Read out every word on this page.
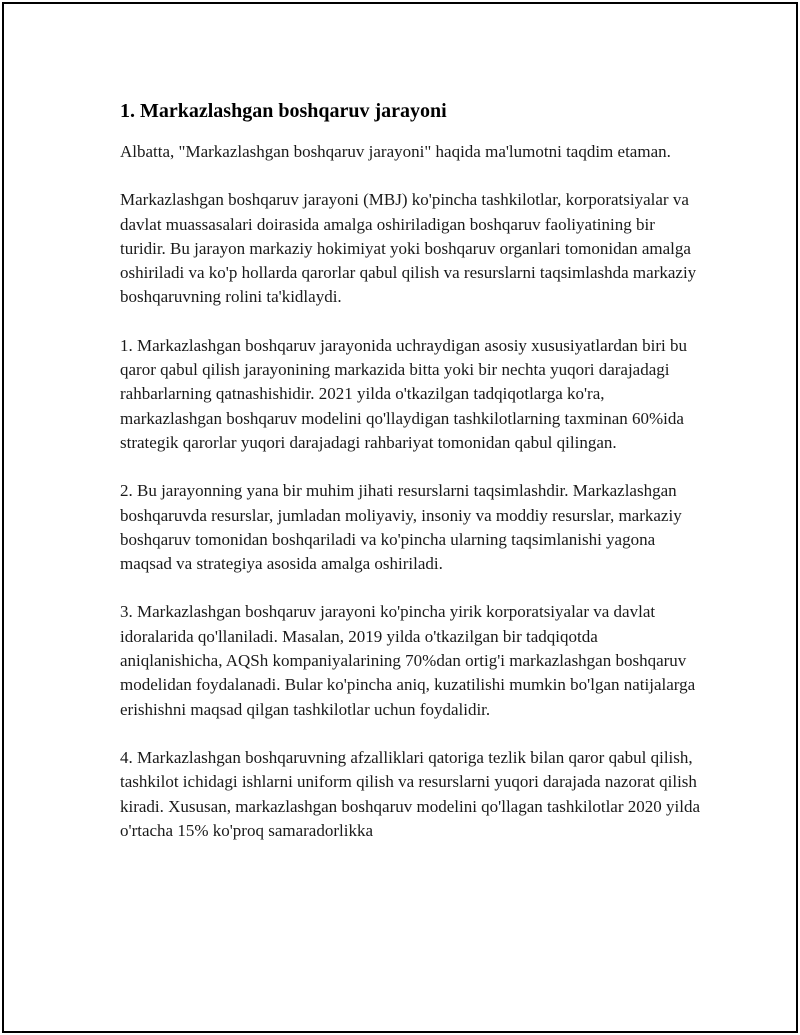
1. Markazlashgan boshqaruv jarayoni

Albatta, "Markazlashgan boshqaruv jarayoni" haqida ma'lumotni taqdim etaman.

Markazlashgan boshqaruv jarayoni (MBJ) ko'pincha tashkilotlar, korporatsiyalar va davlat muassasalari doirasida amalga oshiriladigan boshqaruv faoliyatining bir turidir. Bu jarayon markaziy hokimiyat yoki boshqaruv organlari tomonidan amalga oshiriladi va ko'p hollarda qarorlar qabul qilish va resurslarni taqsimlashda markaziy boshqaruvning rolini ta'kidlaydi.

1. Markazlashgan boshqaruv jarayonida uchraydigan asosiy xususiyatlardan biri bu qaror qabul qilish jarayonining markazida bitta yoki bir nechta yuqori darajadagi rahbarlarning qatnashishidir. 2021 yilda o'tkazilgan tadqiqotlarga ko'ra, markazlashgan boshqaruv modelini qo'llaydigan tashkilotlarning taxminan 60%ida strategik qarorlar yuqori darajadagi rahbariyat tomonidan qabul qilingan.

2. Bu jarayonning yana bir muhim jihati resurslarni taqsimlashdir. Markazlashgan boshqaruvda resurslar, jumladan moliyaviy, insoniy va moddiy resurslar, markaziy boshqaruv tomonidan boshqariladi va ko'pincha ularning taqsimlanishi yagona maqsad va strategiya asosida amalga oshiriladi.

3. Markazlashgan boshqaruv jarayoni ko'pincha yirik korporatsiyalar va davlat idoralarida qo'llaniladi. Masalan, 2019 yilda o'tkazilgan bir tadqiqotda aniqlanishicha, AQSh kompaniyalarining 70%dan ortig'i markazlashgan boshqaruv modelidan foydalanadi. Bular ko'pincha aniq, kuzatilishi mumkin bo'lgan natijalarga erishishni maqsad qilgan tashkilotlar uchun foydalidir.

4. Markazlashgan boshqaruvning afzalliklari qatoriga tezlik bilan qaror qabul qilish, tashkilot ichidagi ishlarni uniform qilish va resurslarni yuqori darajada nazorat qilish kiradi. Xususan, markazlashgan boshqaruv modelini qo'llagan tashkilotlar 2020 yilda o'rtacha 15% ko'proq samaradorlikka
